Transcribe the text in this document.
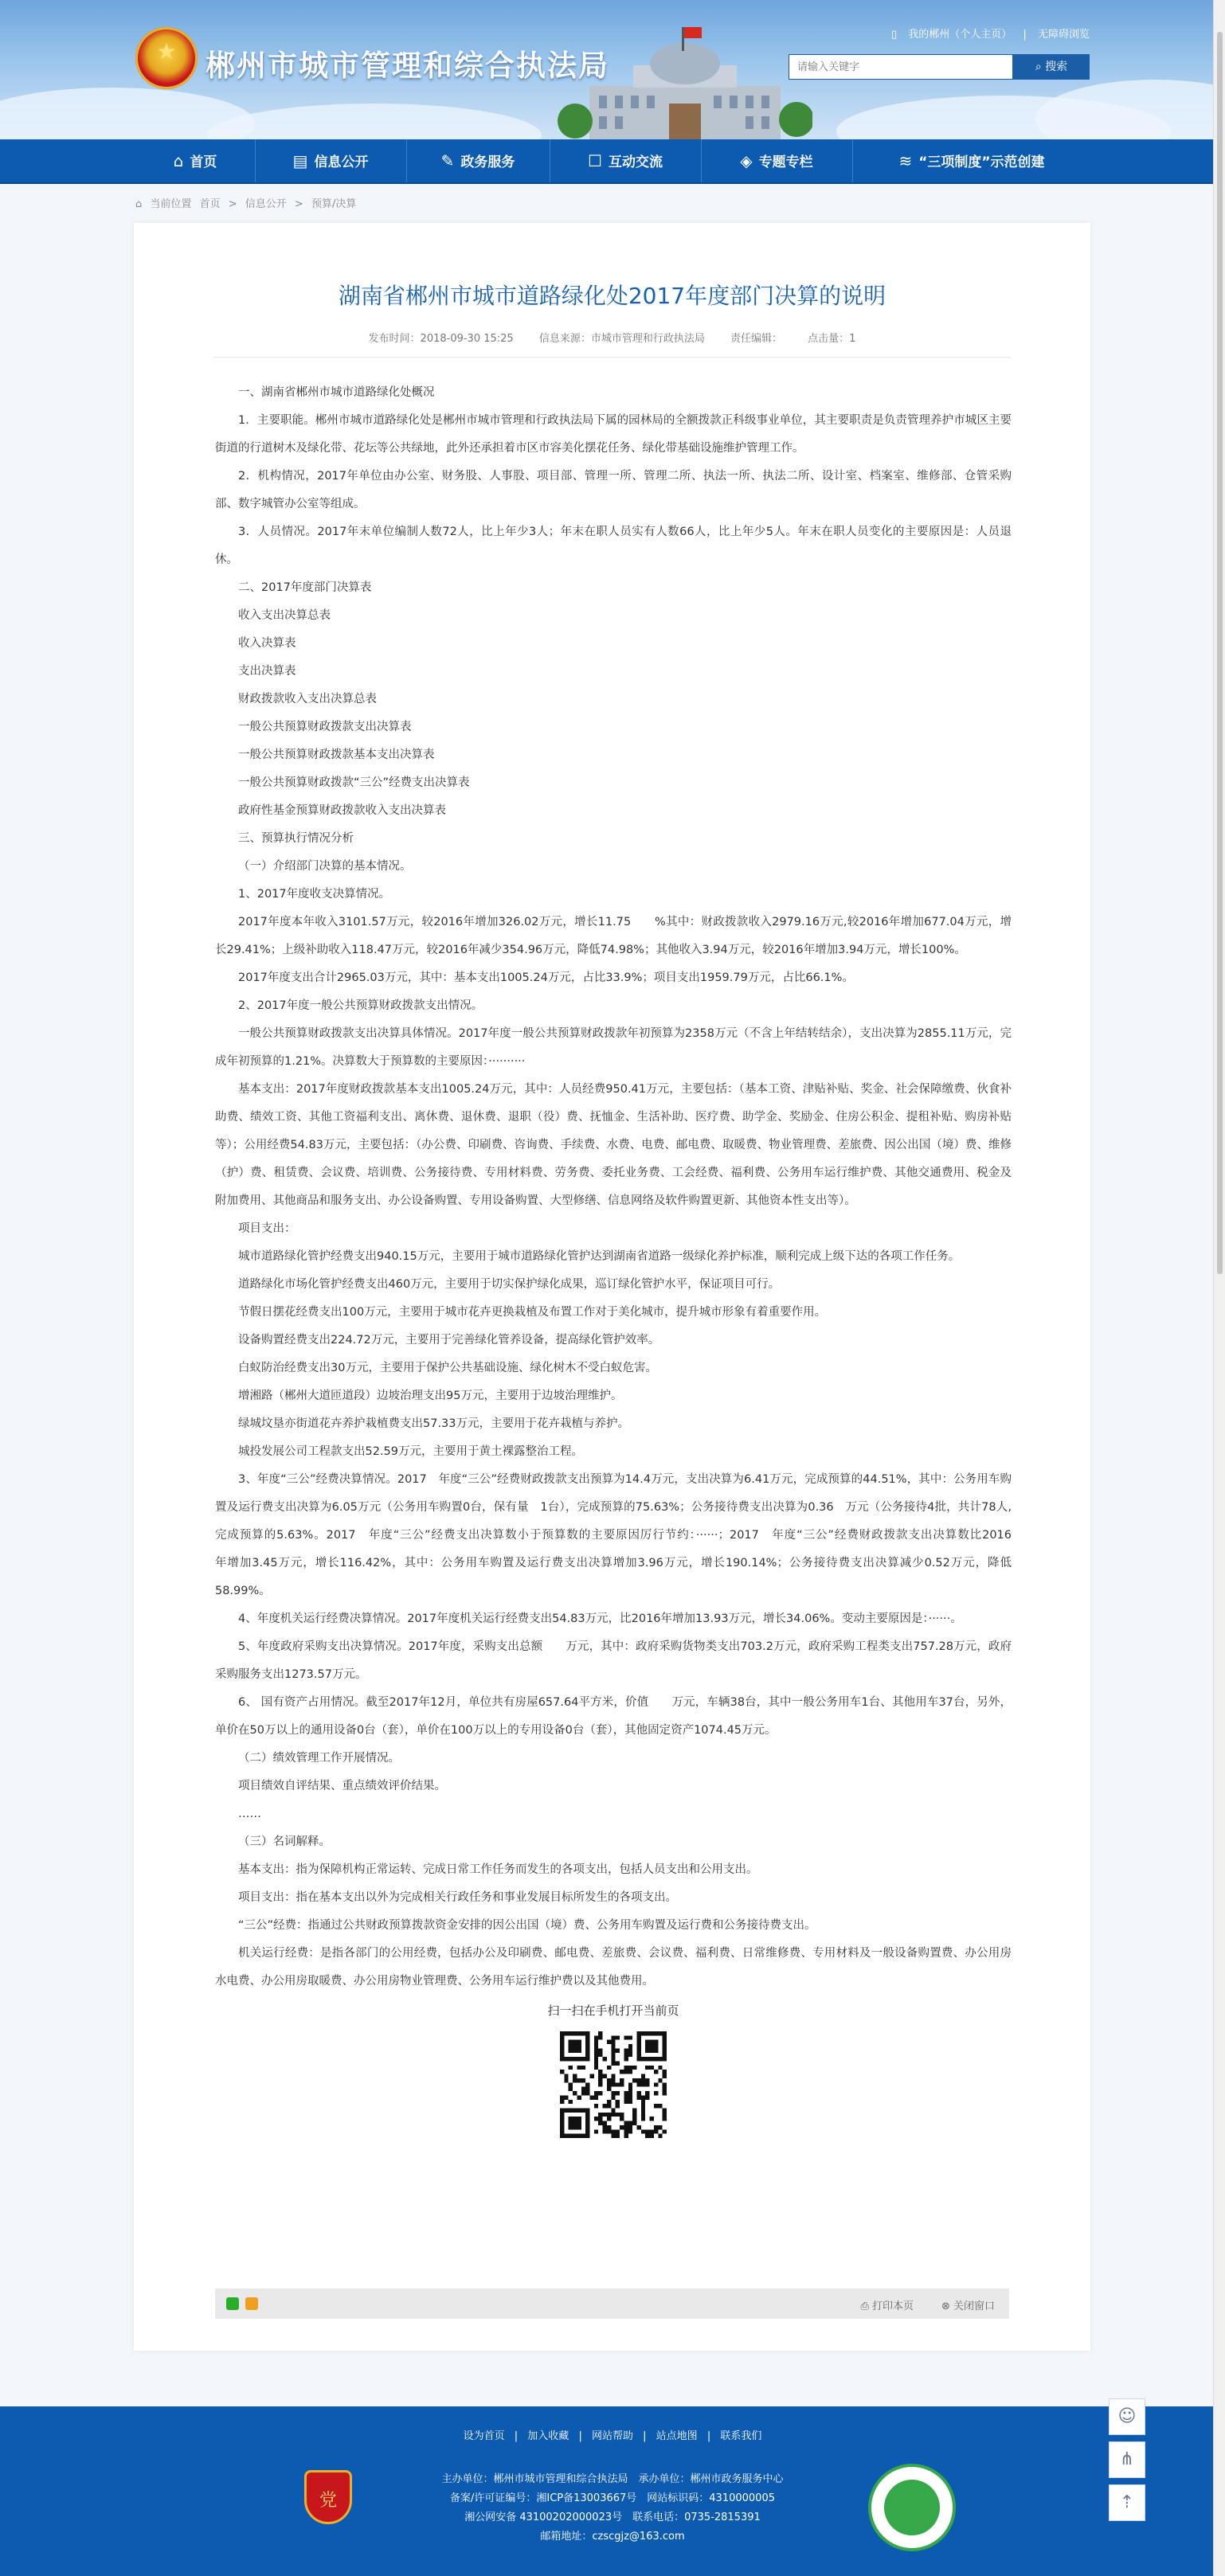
★ 郴州市城市管理和综合执法局
▯ 我的郴州（个人主页） | 无障碍浏览
请输入关键字
⌕ 搜索
⌂ 首页	▤ 信息公开	✎ 政务服务	☐ 互动交流	◈ 专题专栏	≋ “三项制度”示范创建
⌂ 当前位置 首页 > 信息公开 > 预算/决算
湖南省郴州市城市道路绿化处2017年度部门决算的说明
发布时间：2018-09-30 15:25 信息来源：市城市管理和行政执法局 责任编辑： 点击量：1

一、湖南省郴州市城市道路绿化处概况

1．主要职能。郴州市城市道路绿化处是郴州市城市管理和行政执法局下属的园林局的全额拨款正科级事业单位，其主要职责是负责管理养护市城区主要街道的行道树木及绿化带、花坛等公共绿地，此外还承担着市区市容美化摆花任务、绿化带基础设施维护管理工作。

2．机构情况，2017年单位由办公室、财务股、人事股、项目部、管理一所、管理二所、执法一所、执法二所、设计室、档案室、维修部、仓管采购部、数字城管办公室等组成。

3．人员情况。2017年末单位编制人数72人，比上年少3人；年末在职人员实有人数66人，比上年少5人。年末在职人员变化的主要原因是：人员退休。

二、2017年度部门决算表

收入支出决算总表

收入决算表

支出决算表

财政拨款收入支出决算总表

一般公共预算财政拨款支出决算表

一般公共预算财政拨款基本支出决算表

一般公共预算财政拨款“三公”经费支出决算表

政府性基金预算财政拨款收入支出决算表

三、预算执行情况分析

（一）介绍部门决算的基本情况。

1、2017年度收支决算情况。

2017年度本年收入3101.57万元，较2016年增加326.02万元，增长11.75　　%其中：财政拨款收入2979.16万元,较2016年增加677.04万元，增长29.41%；上级补助收入118.47万元，较2016年减少354.96万元，降低74.98%；其他收入3.94万元，较2016年增加3.94万元，增长100%。

2017年度支出合计2965.03万元，其中：基本支出1005.24万元，占比33.9%；项目支出1959.79万元，占比66.1%。

2、2017年度一般公共预算财政拨款支出情况。

一般公共预算财政拨款支出决算具体情况。2017年度一般公共预算财政拨款年初预算为2358万元（不含上年结转结余），支出决算为2855.11万元，完成年初预算的1.21%。决算数大于预算数的主要原因：··········

基本支出：2017年度财政拨款基本支出1005.24万元，其中：人员经费950.41万元，主要包括：（基本工资、津贴补贴、奖金、社会保障缴费、伙食补助费、绩效工资、其他工资福利支出、离休费、退休费、退职（役）费、抚恤金、生活补助、医疗费、助学金、奖励金、住房公积金、提租补贴、购房补贴等）；公用经费54.83万元，主要包括：（办公费、印刷费、咨询费、手续费、水费、电费、邮电费、取暖费、物业管理费、差旅费、因公出国（境）费、维修（护）费、租赁费、会议费、培训费、公务接待费、专用材料费、劳务费、委托业务费、工会经费、福利费、公务用车运行维护费、其他交通费用、税金及附加费用、其他商品和服务支出、办公设备购置、专用设备购置、大型修缮、信息网络及软件购置更新、其他资本性支出等）。

项目支出：

城市道路绿化管护经费支出940.15万元，主要用于城市道路绿化管护达到湖南省道路一级绿化养护标准，顺利完成上级下达的各项工作任务。

道路绿化市场化管护经费支出460万元，主要用于切实保护绿化成果，巡订绿化管护水平，保证项目可行。

节假日摆花经费支出100万元，主要用于城市花卉更换栽植及布置工作对于美化城市，提升城市形象有着重要作用。

设备购置经费支出224.72万元，主要用于完善绿化管养设备，提高绿化管护效率。

白蚁防治经费支出30万元，主要用于保护公共基础设施、绿化树木不受白蚁危害。

增湘路（郴州大道匝道段）边坡治理支出95万元，主要用于边坡治理维护。

绿城坟垦亦街道花卉养护栽植费支出57.33万元，主要用于花卉栽植与养护。

城投发展公司工程款支出52.59万元，主要用于黄土裸露整治工程。

3、年度“三公”经费决算情况。2017　年度“三公”经费财政拨款支出预算为14.4万元，支出决算为6.41万元，完成预算的44.51%，其中：公务用车购置及运行费支出决算为6.05万元（公务用车购置0台，保有量　1台），完成预算的75.63%；公务接待费支出决算为0.36　万元（公务接待4批，共计78人,完成预算的5.63%。2017　年度“三公”经费支出决算数小于预算数的主要原因厉行节约：······；2017　年度“三公”经费财政拨款支出决算数比2016　　　　　年增加3.45万元，增长116.42%，其中：公务用车购置及运行费支出决算增加3.96万元，增长190.14%；公务接待费支出决算减少0.52万元，降低58.99%。

4、年度机关运行经费决算情况。2017年度机关运行经费支出54.83万元，比2016年增加13.93万元，增长34.06%。变动主要原因是：······。

5、年度政府采购支出决算情况。2017年度，采购支出总额　　万元，其中：政府采购货物类支出703.2万元，政府采购工程类支出757.28万元，政府采购服务支出1273.57万元。

6、 国有资产占用情况。截至2017年12月，单位共有房屋657.64平方米，价值　　万元，车辆38台，其中一般公务用车1台、其他用车37台，另外，单价在50万以上的通用设备0台（套），单价在100万以上的专用设备0台（套），其他固定资产1074.45万元。

（二）绩效管理工作开展情况。

项目绩效自评结果、重点绩效评价结果。

……

（三）名词解释。

基本支出：指为保障机构正常运转、完成日常工作任务而发生的各项支出，包括人员支出和公用支出。

项目支出：指在基本支出以外为完成相关行政任务和事业发展目标所发生的各项支出。

“三公”经费：指通过公共财政预算拨款资金安排的因公出国（境）费、公务用车购置及运行费和公务接待费支出。

机关运行经费：是指各部门的公用经费，包括办公及印刷费、邮电费、差旅费、会议费、福利费、日常维修费、专用材料及一般设备购置费、办公用房水电费、办公用房取暖费、办公用房物业管理费、公务用车运行维护费以及其他费用。

扫一扫在手机打开当前页

⎙ 打印本页	⊗ 关闭窗口
设为首页 | 加入收藏 | 网站帮助 | 站点地图 | 联系我们
党
主办单位：郴州市城市管理和综合执法局　承办单位：郴州市政务服务中心
备案/许可证编号：湘ICP备13003667号　网站标识码：4310000005
湘公网安备 43100202000023号　联系电话：0735-2815391
邮箱地址：czscgjz@163.com
☺
⋔
⇡
